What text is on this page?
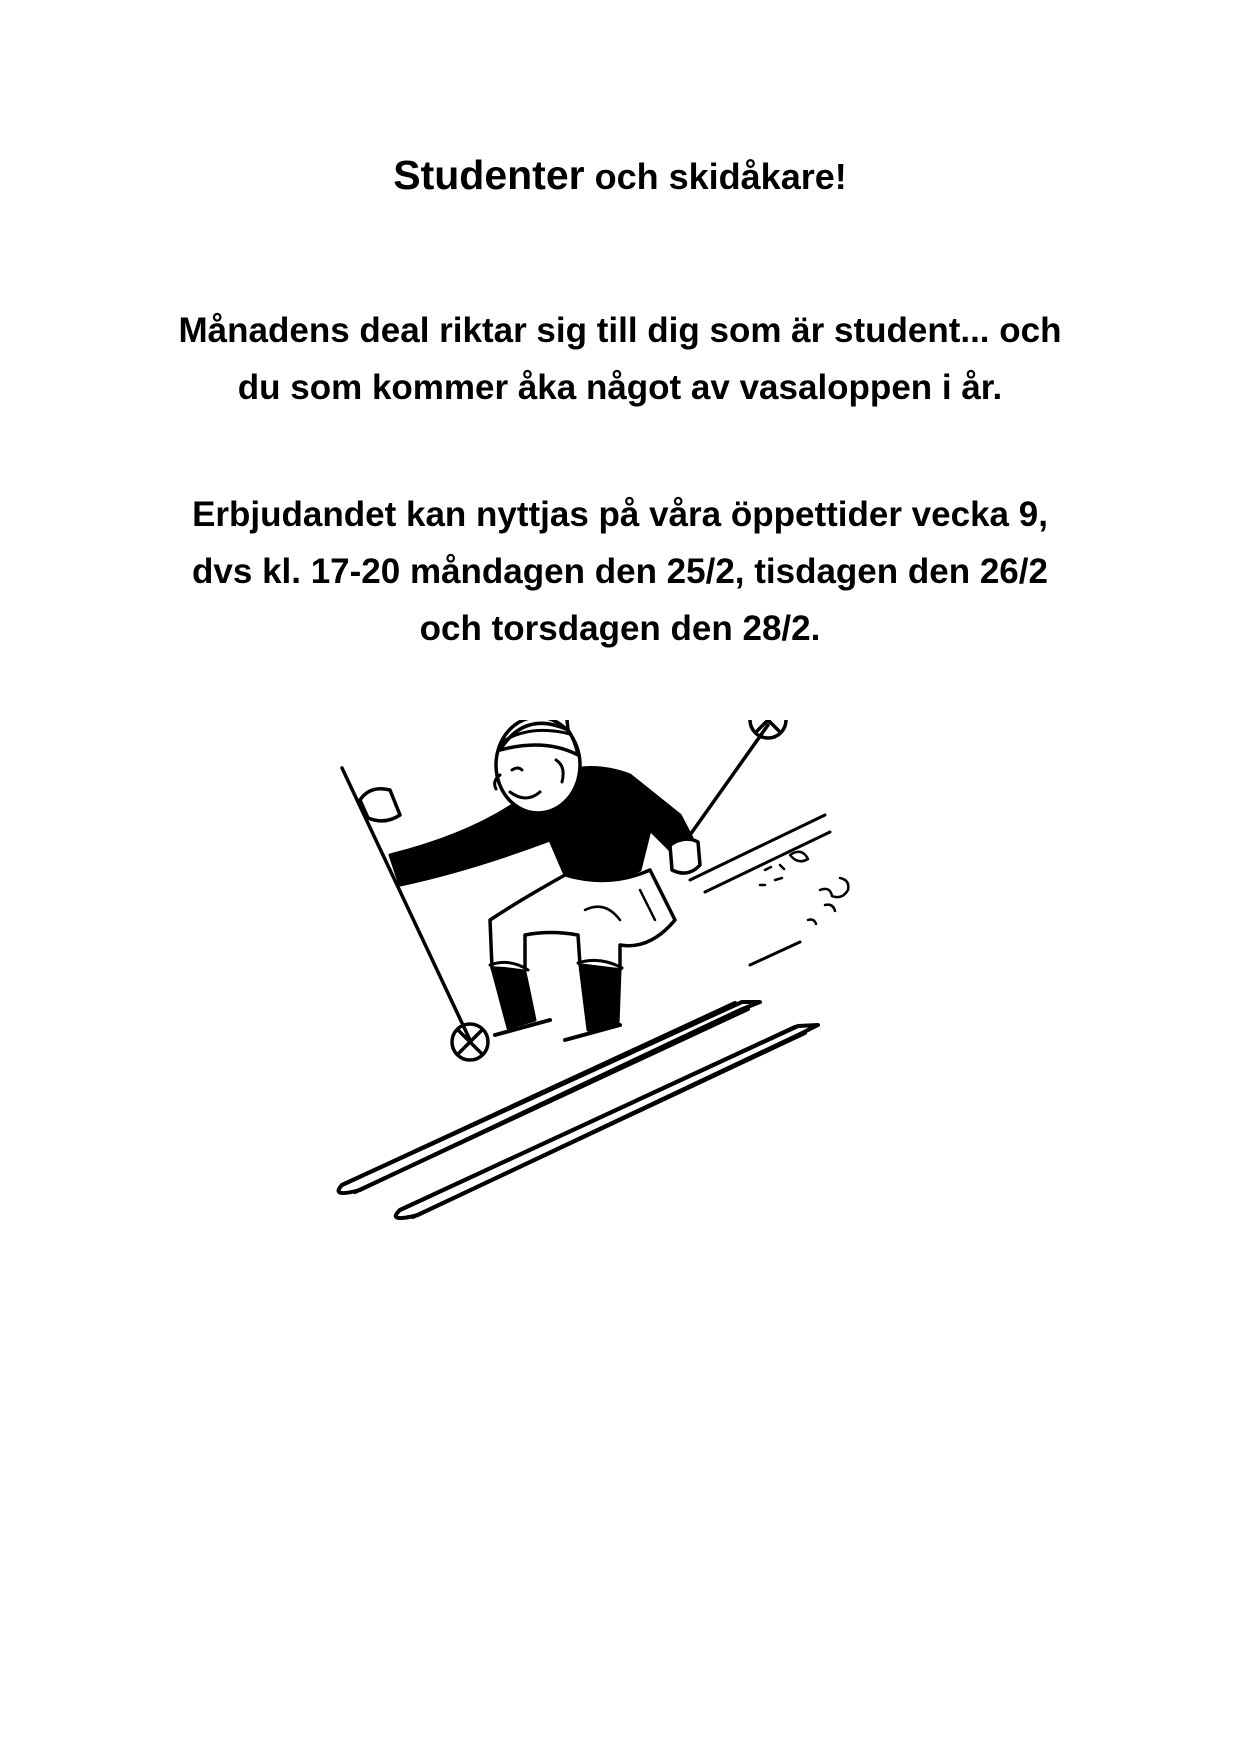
Studenter och skidåkare!
Månadens deal riktar sig till dig som är student... och
du som kommer åka något av vasaloppen i år.
Erbjudandet kan nyttjas på våra öppettider vecka 9,
dvs kl. 17-20 måndagen den 25/2, tisdagen den 26/2
och torsdagen den 28/2.
